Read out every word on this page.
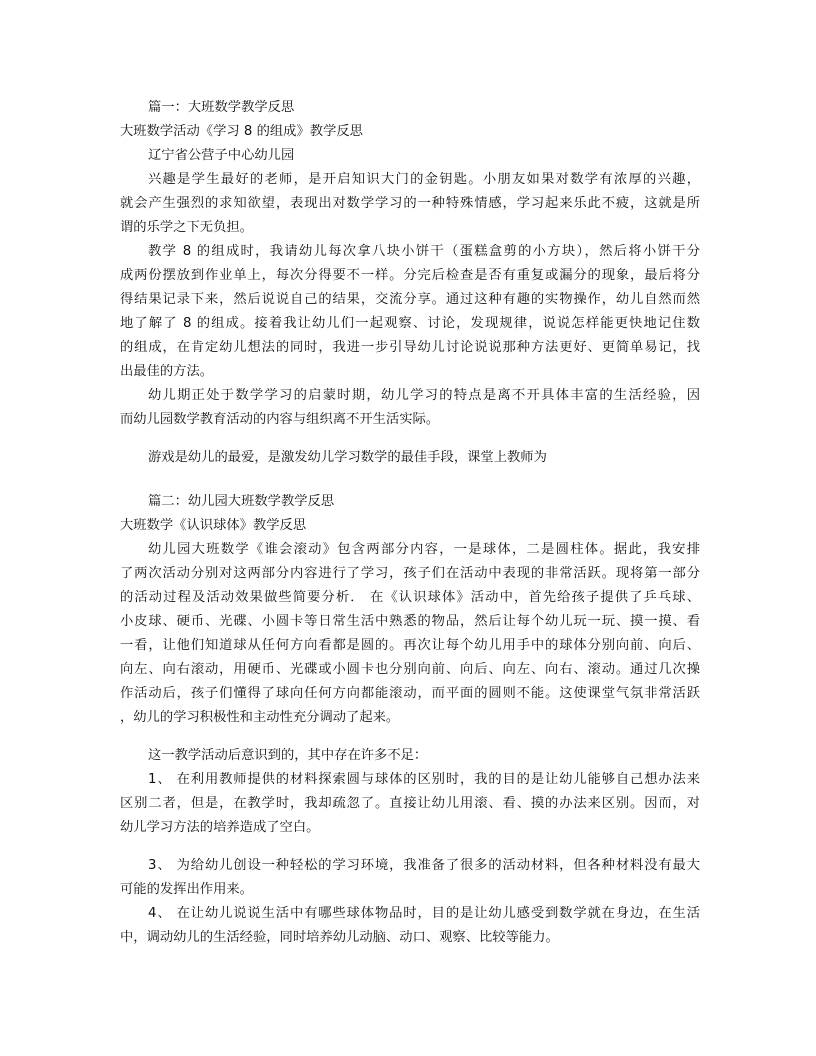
篇一：大班数学教学反思
大班数学活动《学习 8 的组成》教学反思
辽宁省公营子中心幼儿园
兴趣是学生最好的老师，是开启知识大门的金钥匙。小朋友如果对数学有浓厚的兴趣，
就会产生强烈的求知欲望，表现出对数学学习的一种特殊情感，学习起来乐此不疲，这就是所
谓的乐学之下无负担。
教学 8 的组成时，我请幼儿每次拿八块小饼干（蛋糕盒剪的小方块），然后将小饼干分
成两份摆放到作业单上，每次分得要不一样。分完后检查是否有重复或漏分的现象，最后将分
得结果记录下来，然后说说自己的结果，交流分享。通过这种有趣的实物操作，幼儿自然而然
地了解了 8 的组成。接着我让幼儿们一起观察、讨论，发现规律，说说怎样能更快地记住数
的组成，在肯定幼儿想法的同时，我进一步引导幼儿讨论说说那种方法更好、更简单易记，找
出最佳的方法。
幼儿期正处于数学学习的启蒙时期，幼儿学习的特点是离不开具体丰富的生活经验，因
而幼儿园数学教育活动的内容与组织离不开生活实际。
游戏是幼儿的最爱，是激发幼儿学习数学的最佳手段，课堂上教师为
篇二：幼儿园大班数学教学反思
大班数学《认识球体》教学反思
幼儿园大班数学《谁会滚动》包含两部分内容，一是球体，二是圆柱体。据此，我安排
了两次活动分别对这两部分内容进行了学习，孩子们在活动中表现的非常活跃。现将第一部分
的活动过程及活动效果做些简要分析． 在《认识球体》活动中，首先给孩子提供了乒乓球、
小皮球、硬币、光碟、小圆卡等日常生活中熟悉的物品，然后让每个幼儿玩一玩、摸一摸、看
一看，让他们知道球从任何方向看都是圆的。再次让每个幼儿用手中的球体分别向前、向后、
向左、向右滚动，用硬币、光碟或小圆卡也分别向前、向后、向左、向右、滚动。通过几次操
作活动后，孩子们懂得了球向任何方向都能滚动，而平面的圆则不能。这使课堂气氛非常活跃
，幼儿的学习积极性和主动性充分调动了起来。
这一教学活动后意识到的，其中存在许多不足：
1、 在利用教师提供的材料探索圆与球体的区别时，我的目的是让幼儿能够自己想办法来
区别二者，但是，在教学时，我却疏忽了。直接让幼儿用滚、看、摸的办法来区别。因而，对
幼儿学习方法的培养造成了空白。
3、 为给幼儿创设一种轻松的学习环境，我准备了很多的活动材料，但各种材料没有最大
可能的发挥出作用来。
4、 在让幼儿说说生活中有哪些球体物品时，目的是让幼儿感受到数学就在身边，在生活
中，调动幼儿的生活经验，同时培养幼儿动脑、动口、观察、比较等能力。
